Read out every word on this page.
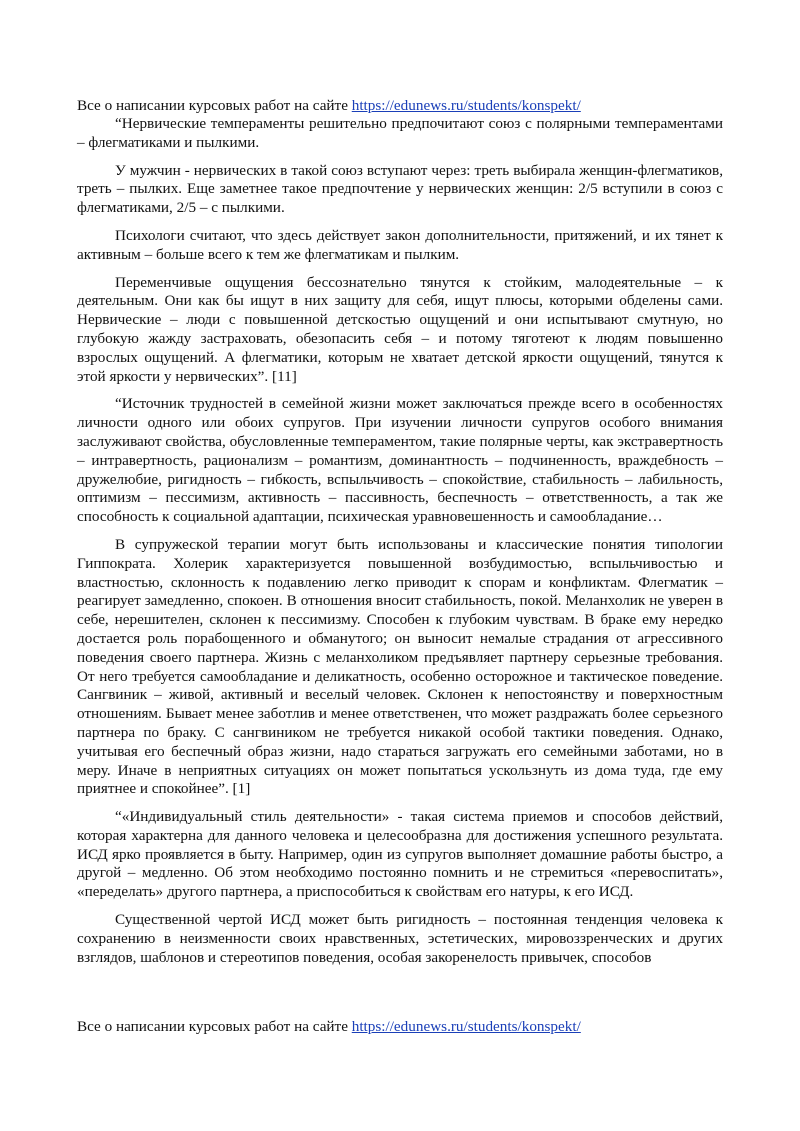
Все о написании курсовых работ на сайте https://edunews.ru/students/konspekt/

“Нервические темпераменты решительно предпочитают союз с полярными темпераментами – флегматиками и пылкими.

У мужчин - нервических в такой союз вступают через: треть выбирала женщин-флегматиков, треть – пылких. Еще заметнее такое предпочтение у нервических женщин: 2/5 вступили в союз с флегматиками, 2/5 – с пылкими.

Психологи считают, что здесь действует закон дополнительности, притяжений, и их тянет к активным – больше всего к тем же флегматикам и пылким.

Переменчивые ощущения бессознательно тянутся к стойким, малодеятельные – к деятельным. Они как бы ищут в них защиту для себя, ищут плюсы, которыми обделены сами. Нервические – люди с повышенной детскостью ощущений и они испытывают смутную, но глубокую жажду застраховать, обезопасить себя – и потому тяготеют к людям повышенно взрослых ощущений. А флегматики, которым не хватает детской яркости ощущений, тянутся к этой яркости у нервических”. [11]

“Источник трудностей в семейной жизни может заключаться прежде всего в особенностях личности одного или обоих супругов. При изучении личности супругов особого внимания заслуживают свойства, обусловленные темпераментом, такие полярные черты, как экстравертность – интравертность, рационализм – романтизм, доминантность – подчиненность, враждебность – дружелюбие, ригидность – гибкость, вспыльчивость – спокойствие, стабильность – лабильность, оптимизм – пессимизм, активность – пассивность, беспечность – ответственность, а так же способность к социальной адаптации, психическая уравновешенность и самообладание…

В супружеской терапии могут быть использованы и классические понятия типологии Гиппократа. Холерик характеризуется повышенной возбудимостью, вспыльчивостью и властностью, склонность к подавлению легко приводит к спорам и конфликтам. Флегматик – реагирует замедленно, спокоен. В отношения вносит стабильность, покой. Меланхолик не уверен в себе, нерешителен, склонен к пессимизму. Способен к глубоким чувствам. В браке ему нередко достается роль порабощенного и обманутого; он выносит немалые страдания от агрессивного поведения своего партнера. Жизнь с меланхоликом предъявляет партнеру серьезные требования. От него требуется самообладание и деликатность, особенно осторожное и тактическое поведение. Сангвиник – живой, активный и веселый человек. Склонен к непостоянству и поверхностным отношениям. Бывает менее заботлив и менее ответственен, что может раздражать более серьезного партнера по браку. С сангвиником не требуется никакой особой тактики поведения. Однако, учитывая его беспечный образ жизни, надо стараться загружать его семейными заботами, но в меру. Иначе в неприятных ситуациях он может попытаться ускользнуть из дома туда, где ему приятнее и спокойнее”. [1]

“«Индивидуальный стиль деятельности» - такая система приемов и способов действий, которая характерна для данного человека и целесообразна для достижения успешного результата. ИСД ярко проявляется в быту. Например, один из супругов выполняет домашние работы быстро, а другой – медленно. Об этом необходимо постоянно помнить и не стремиться «перевоспитать», «переделать» другого партнера, а приспособиться к свойствам его натуры, к его ИСД.

Существенной чертой ИСД может быть ригидность – постоянная тенденция человека к сохранению в неизменности своих нравственных, эстетических, мировоззренческих и других взглядов, шаблонов и стереотипов поведения, особая закоренелость привычек, способов

Все о написании курсовых работ на сайте https://edunews.ru/students/konspekt/
